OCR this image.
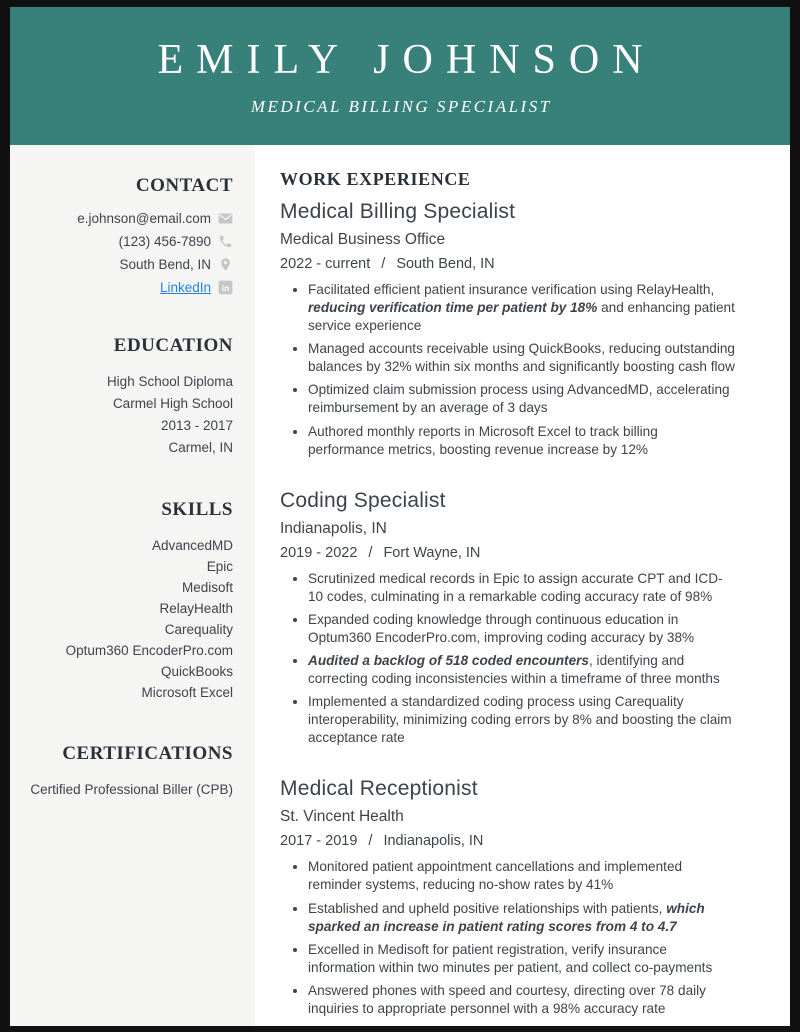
EMILY JOHNSON
MEDICAL BILLING SPECIALIST
CONTACT
e.johnson@email.com
(123) 456-7890
South Bend, IN
LinkedIn in
EDUCATION
High School Diploma
Carmel High School
2013 - 2017
Carmel, IN
SKILLS
AdvancedMD
Epic
Medisoft
RelayHealth
Carequality
Optum360 EncoderPro.com
QuickBooks
Microsoft Excel
CERTIFICATIONS
Certified Professional Biller (CPB)
WORK EXPERIENCE
Medical Billing Specialist
Medical Business Office
2022 - current / South Bend, IN
• Facilitated efficient patient insurance verification using RelayHealth, reducing verification time per patient by 18% and enhancing patient service experience
• Managed accounts receivable using QuickBooks, reducing outstanding balances by 32% within six months and significantly boosting cash flow
• Optimized claim submission process using AdvancedMD, accelerating reimbursement by an average of 3 days
• Authored monthly reports in Microsoft Excel to track billing performance metrics, boosting revenue increase by 12%
Coding Specialist
Indianapolis, IN
2019 - 2022 / Fort Wayne, IN
• Scrutinized medical records in Epic to assign accurate CPT and ICD-10 codes, culminating in a remarkable coding accuracy rate of 98%
• Expanded coding knowledge through continuous education in Optum360 EncoderPro.com, improving coding accuracy by 38%
• Audited a backlog of 518 coded encounters, identifying and correcting coding inconsistencies within a timeframe of three months
• Implemented a standardized coding process using Carequality interoperability, minimizing coding errors by 8% and boosting the claim acceptance rate
Medical Receptionist
St. Vincent Health
2017 - 2019 / Indianapolis, IN
• Monitored patient appointment cancellations and implemented reminder systems, reducing no-show rates by 41%
• Established and upheld positive relationships with patients, which sparked an increase in patient rating scores from 4 to 4.7
• Excelled in Medisoft for patient registration, verify insurance information within two minutes per patient, and collect co-payments
• Answered phones with speed and courtesy, directing over 78 daily inquiries to appropriate personnel with a 98% accuracy rate
